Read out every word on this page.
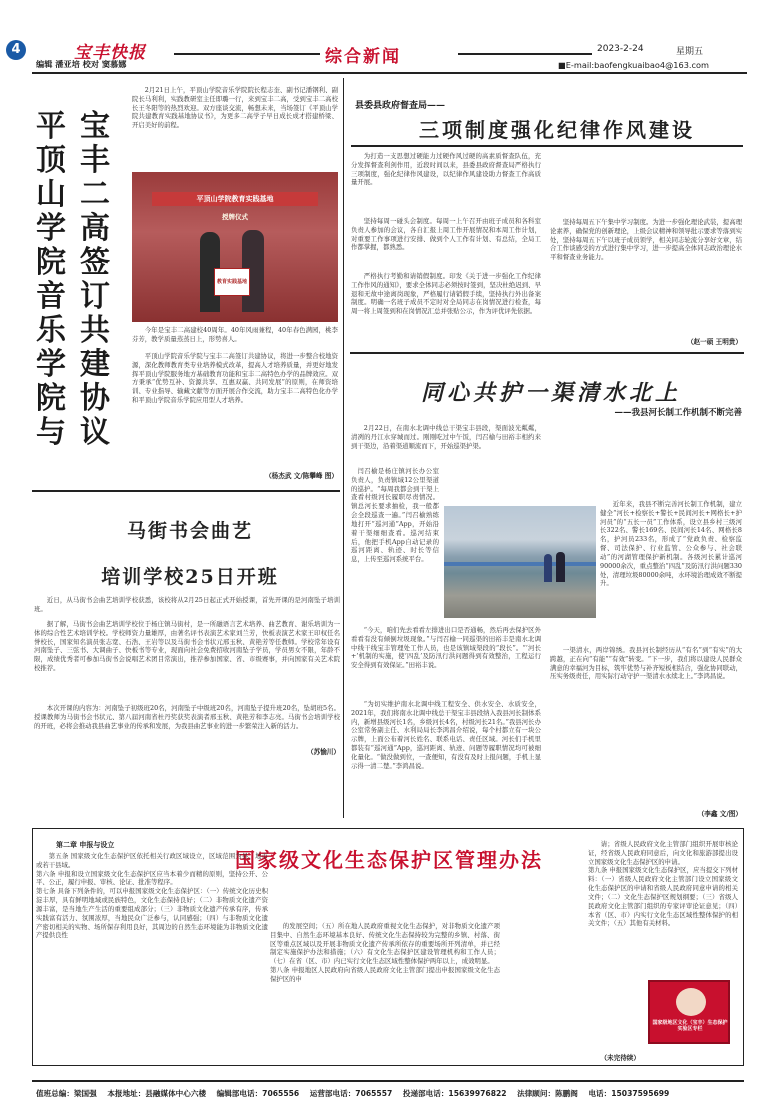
4	宝丰快报
编辑 潘亚培 校对 窦慕娜	综合新闻	2023-2-24	星期五
■E-mail:baofengkuaibao4@163.com
平顶山学院音乐学院与
宝丰二高签订共建协议
2月21日上午，平顶山学院音乐学院院长程志奎、副书记潘钢利、副院长马利利，实践教研室主任即璐一行，来到宝丰二高，受到宝丰二高校长王冬阳等的热烈欢迎。双方座谈交流，畅想未来，当场签订《平顶山学院共建教育实践基地协议书》，为更多二高学子早日成长成才搭建桥梁、开启美好的前程。
平顶山学院教育实践基地
授牌仪式
教育实践基地
今年是宝丰二高建校40周年。40年风雨兼程，40年春色满园，桃李芬芳，教学质量蒸蒸日上，形势喜人。
平顶山学院音乐学院与宝丰二高签订共建协议，将进一步整合校地资源，深化教师教育类专业培养模式改革，提高人才培养质量，并更好地发挥平顶山学院服务地方基础教育功能和宝丰二高特色办学的品牌效应。双方秉承“优势互补、资源共享、互惠双赢、共同发展”的原则，在师资培训、专业指导、输藏文献等方面开展合作交流，助力宝丰二高特色化办学和平顶山学院音乐学院应用型人才培养。
（杨杰武 文/陈攀峰 图）
马街书会曲艺
培训学校25日开班
近日，从马街书会曲艺培训学校获悉，该校将从2月25日起正式开始授课，首先开课的是河南坠子培训班。
据了解，马街书会曲艺培训学校位于杨庄镇马街村，是一所融语言艺术培养、曲艺教育、谢乐培训为一体的综合性艺术培训学校。学校师资力量雄厚，由著名评书表演艺术家刘兰芳，快板表演艺术家王印权任名誉校长，国家知名演员张志宽、石浩、王岩等以及马街书会书状元邢玉秋、黄艳芳等任教师。学校常年设有河南坠子、三弦书、大调曲子、快板书等专业，现面向社会免费招收河南坠子学员，学员男女不限，年龄不限，成绩优秀者可参加马街书会说唱艺术团目常演出，推荐参加国家、省、市级赛事，并向国家有关艺术院校推荐。
本次开课的内容为：河南坠子初级班20名，河南坠子中级班20名，河南坠子提升班20名，坠胡班5名。授课教师为马街书会书状元、第八届河南省杜丹奖获奖表演者邢玉秋、黄艳芳和李志亮。马街书会培训学校的开班，必将会推动我县曲艺事业的传承和发展，为我县曲艺事业的进一步繁荣注入新的活力。
（苏愉川）
县委县政府督查局——
三项制度强化纪律作风建设
为打造一支思想过硬能力过硬作风过硬的高素质督查队伍，充分发挥督查利剑作用，近段时间以来，县委县政府督查局严格执行三项制度，强化纪律作风建设，以纪律作风建设助力督查工作高质量开展。
坚持每周一碰头会制度。每周一上午召开由班子成员和各科室负责人参加的会议，各自汇报上周工作开展情况和本周工作计划，对重要工作事项进行安排、做到个人工作有计划、有总结，全局工作都掌握，都熟悉。
严格执行考勤和请销假制度。印发《关于进一步强化工作纪律工作作风的通知》，要求全体同志必须按时签到，坚决杜绝迟到、早退和无故中途离岗现象，严格履行请销假手续，坚持执行外出备案制度。明确一名班子成员不定时对全局同志在岗情况进行检查，每周一将上周签到和在岗情况汇总并张贴公示，作为评优评先依据。
坚持每周五下午集中学习制度。为进一步强化理论武装，提高理论素养，确保党的创新理论，上级会议精神和领导批示要求等落到实处，坚持每周五下午以班子成员领学，相关同志轮流分享好文章，结合工作谈感受的方式进行集中学习，进一步提高全体同志政治理论水平和督查业务能力。
（赵一硕 王明贵）
同心共护一渠清水北上
——我县河长制工作机制不断完善
2月22日，在南水北调中线总干渠宝丰县段，渠面波光粼粼，清冽的丹江水穿城而过。刚刚吃过中午饭，闫召榆与田裕丰相约来到干渠边，沿着渠道顺流而下，开始巡渠护渠。
闫召榆是杨庄镇河长办公室负责人，负责镇域12公里渠道的巡护。“每周我都会到干渠上查看村级河长履职尽责情况。镇总河长要求抽检，我一般都会全段巡查一遍。”闫召榆熟练地打开“巡河通”App，开始沿着干渠细细查看。巡河结束后，他把手机App自动记录的巡河距离、轨迹、时长等信息，上传至巡河系统平台。
“今天，咱们先去看看左排进出口是否通畅，然后再去保护区外看看有没有倾倒垃圾现象。”与闫召榆一同巡渠的田裕丰是南水北调中线干线宝丰管理处工作人员，也是该镇域渠段的“段长”。“‘河长+’机制的实施，使‘四乱’及防汛行洪问题得到有效整治，工程运行安全得到有效保证。”田裕丰说。
“为切实维护南水北调中线工程安全、供水安全、水质安全，2021年，我们将南水北调中线总干渠宝丰县段纳入我县河长制体系内，新增县级河长1名，乡级河长4名，村级河长21名。”我县河长办公室常务副主任、水利局局长李鸿昌介绍说，每个村都立有一块公示牌，上面公布着河长姓名、联系电话、责任区域。河长们手机里都装有“巡河通”App，巡河距离、轨迹、问题等履职情况均可被细化量化。“做没做到位，一查便知，有没有及时上报问题，手机上显示得一清二楚。”李鸿昌说。
近年来，我县不断完善河长制工作机制，建立健全“河长+检察长+警长+民间河长+网格长+护河员”的“五长一员”工作体系，设立县乡村三级河长322名、警长169名、民间河长14名、网格长8名，护河员233名，形成了“党政负责、检察监督、司法保护、行业监管、公众参与、社会联动”的河湖管理保护新机制。各级河长累计巡河90000余次，重点整治“四乱”及防汛行洪问题330处，清理垃圾80000余吨，水环境治理成效不断提升。
一渠清水，两岸锦绣。我县河长制经历从“有名”到“有实”的大跨越，正在向“有能”“有效”转变。“下一步，我们将以建设人民群众满意的幸福河为目标，筑牢优势与补齐短板相结合，强化协同联动，压实务级责任，用实际行动守护一渠清水永续北上。”李鸿昌说。
（李鑫 文/图）
国家级文化生态保护区管理办法
第二章 申报与设立
第五条 国家级文化生态保护区依托相关行政区域设立，区域范围为县、地市或若干县域。
第六条 申报和设立国家级文化生态保护区应当本着少而精的原则，坚持公开、公平、公正，履行申报、审核、论证、批准等程序。
第七条 具备下列条件的，可以申报国家级文化生态保护区：（一）传统文化历史积淀丰厚，具有鲜明地域或民族特色，文化生态保持良好；（二）非物质文化遗产资源丰富，是当地生产生活的重要组成部分；（三）非物质文化遗产传承有序，传承实践富有活力、氛围浓厚，当地民众广泛参与，认同感强；（四）与非物质文化遗产密切相关的实物、场所保存利用良好，其周边的自然生态环境能为非物质文化遗产提供良性
的发展空间；（五）所在地人民政府重视文化生态保护，对非物质文化遗产项目集中、自然生态环境基本良好、传统文化生态保持较为完整的乡镇、村落、街区等重点区域以及开展非物质文化遗产传承所依存的重要场所开列清单，并已经制定实施保护办法和措施；（六）有文化生态保护区建设管理机构和工作人员；（七）在省（区、市）内已实行文化生态区域性整体保护两年以上，成效明显。
第八条 申报地区人民政府向省级人民政府文化主管部门提出申报国家级文化生态保护区的申
请；省级人民政府文化主管部门组织开展审核论证，经省级人民政府同意后，向文化和旅游部提出设立国家级文化生态保护区的申请。
第九条 申报国家级文化生态保护区，应当提交下列材料：（一）省级人民政府文化主管部门设立国家级文化生态保护区的申请和省级人民政府同意申请的相关文件；（二）文化生态保护区规划纲要；（三）省级人民政府文化主管部门组织的专家评审论证意见；（四）本省（区、市）内实行文化生态区域性整体保护的相关文件；（五）其他有关材料。
国家级地区文化（宝丰）生态保护实验区专栏
（未完待续）
值班总编：梁国强    本报地址：县融媒体中心六楼    编辑部电话：7065556    运营部电话：7065557    投递部电话：15639976822    法律顾问：陈鹏阁    电话：15037595699
